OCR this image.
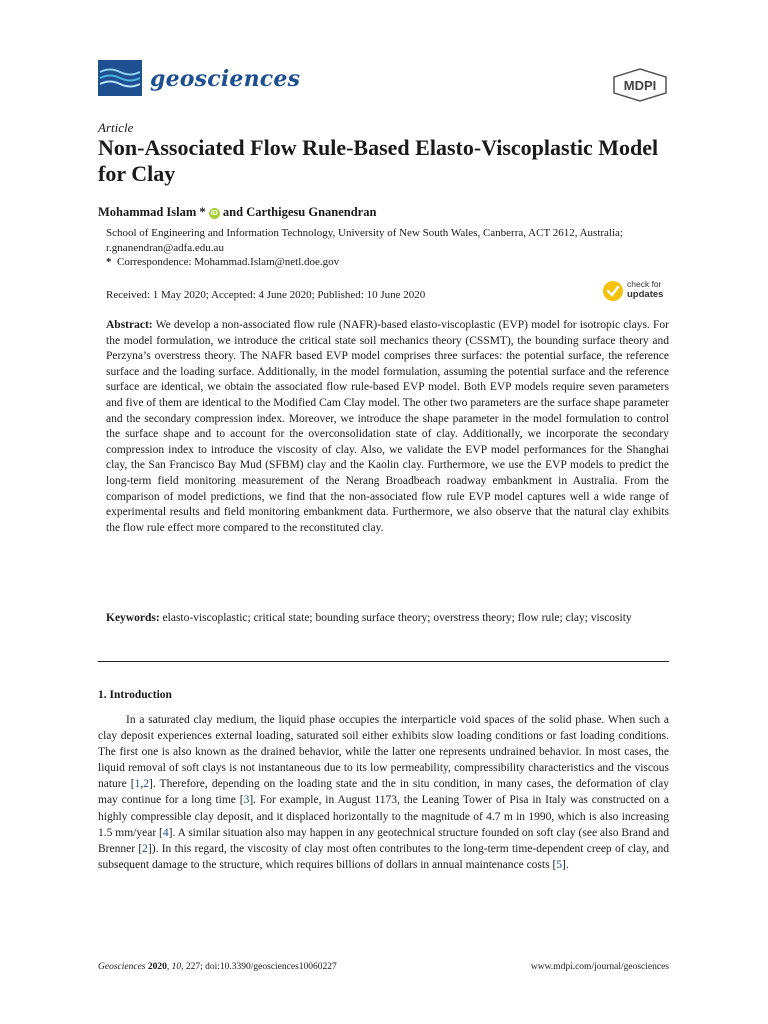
geosciences	MDPI
Article
Non-Associated Flow Rule-Based Elasto-Viscoplastic Model for Clay
Mohammad Islam * iD and Carthigesu Gnanendran
School of Engineering and Information Technology, University of New South Wales, Canberra, ACT 2612, Australia; r.gnanendran@adfa.edu.au
* Correspondence: Mohammad.Islam@netl.doe.gov
check for
updates
Received: 1 May 2020; Accepted: 4 June 2020; Published: 10 June 2020

Abstract: We develop a non-associated flow rule (NAFR)-based elasto-viscoplastic (EVP) model for isotropic clays. For the model formulation, we introduce the critical state soil mechanics theory (CSSMT), the bounding surface theory and Perzyna’s overstress theory. The NAFR based EVP model comprises three surfaces: the potential surface, the reference surface and the loading surface. Additionally, in the model formulation, assuming the potential surface and the reference surface are identical, we obtain the associated flow rule-based EVP model. Both EVP models require seven parameters and five of them are identical to the Modified Cam Clay model. The other two parameters are the surface shape parameter and the secondary compression index. Moreover, we introduce the shape parameter in the model formulation to control the surface shape and to account for the overconsolidation state of clay. Additionally, we incorporate the secondary compression index to introduce the viscosity of clay. Also, we validate the EVP model performances for the Shanghai clay, the San Francisco Bay Mud (SFBM) clay and the Kaolin clay. Furthermore, we use the EVP models to predict the long-term field monitoring measurement of the Nerang Broadbeach roadway embankment in Australia. From the comparison of model predictions, we find that the non-associated flow rule EVP model captures well a wide range of experimental results and field monitoring embankment data. Furthermore, we also observe that the natural clay exhibits the flow rule effect more compared to the reconstituted clay.

Keywords: elasto-viscoplastic; critical state; bounding surface theory; overstress theory; flow rule; clay; viscosity

1. Introduction

In a saturated clay medium, the liquid phase occupies the interparticle void spaces of the solid phase. When such a clay deposit experiences external loading, saturated soil either exhibits slow loading conditions or fast loading conditions. The first one is also known as the drained behavior, while the latter one represents undrained behavior. In most cases, the liquid removal of soft clays is not instantaneous due to its low permeability, compressibility characteristics and the viscous nature [1,2]. Therefore, depending on the loading state and the in situ condition, in many cases, the deformation of clay may continue for a long time [3]. For example, in August 1173, the Leaning Tower of Pisa in Italy was constructed on a highly compressible clay deposit, and it displaced horizontally to the magnitude of 4.7 m in 1990, which is also increasing 1.5 mm/year [4]. A similar situation also may happen in any geotechnical structure founded on soft clay (see also Brand and Brenner [2]). In this regard, the viscosity of clay most often contributes to the long-term time-dependent creep of clay, and subsequent damage to the structure, which requires billions of dollars in annual maintenance costs [5].

Geosciences 2020, 10, 227; doi:10.3390/geosciences10060227	www.mdpi.com/journal/geosciences
